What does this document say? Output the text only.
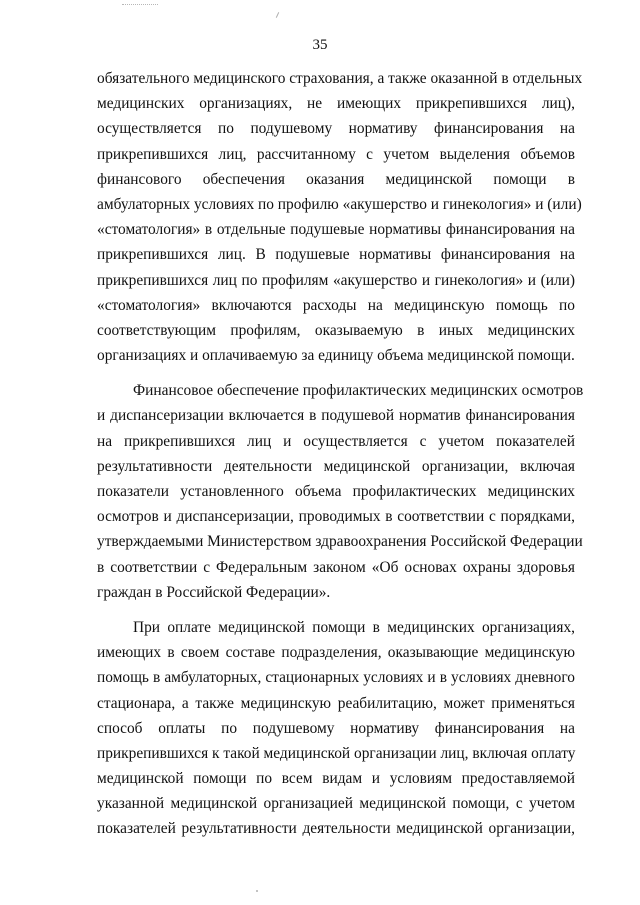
35
обязательного медицинского страхования, а также оказанной в отдельных
медицинских организациях, не имеющих прикрепившихся лиц),
осуществляется по подушевому нормативу финансирования на
прикрепившихся лиц, рассчитанному с учетом выделения объемов
финансового обеспечения оказания медицинской помощи в
амбулаторных условиях по профилю «акушерство и гинекология» и (или)
«стоматология» в отдельные подушевые нормативы финансирования на
прикрепившихся лиц. В подушевые нормативы финансирования на
прикрепившихся лиц по профилям «акушерство и гинекология» и (или)
«стоматология» включаются расходы на медицинскую помощь по
соответствующим профилям, оказываемую в иных медицинских
организациях и оплачиваемую за единицу объема медицинской помощи.
Финансовое обеспечение профилактических медицинских осмотров
и диспансеризации включается в подушевой норматив финансирования
на прикрепившихся лиц и осуществляется с учетом показателей
результативности деятельности медицинской организации, включая
показатели установленного объема профилактических медицинских
осмотров и диспансеризации, проводимых в соответствии с порядками,
утверждаемыми Министерством здравоохранения Российской Федерации
в соответствии с Федеральным законом «Об основах охраны здоровья
граждан в Российской Федерации».
При оплате медицинской помощи в медицинских организациях,
имеющих в своем составе подразделения, оказывающие медицинскую
помощь в амбулаторных, стационарных условиях и в условиях дневного
стационара, а также медицинскую реабилитацию, может применяться
способ оплаты по подушевому нормативу финансирования на
прикрепившихся к такой медицинской организации лиц, включая оплату
медицинской помощи по всем видам и условиям предоставляемой
указанной медицинской организацией медицинской помощи, с учетом
показателей результативности деятельности медицинской организации,
